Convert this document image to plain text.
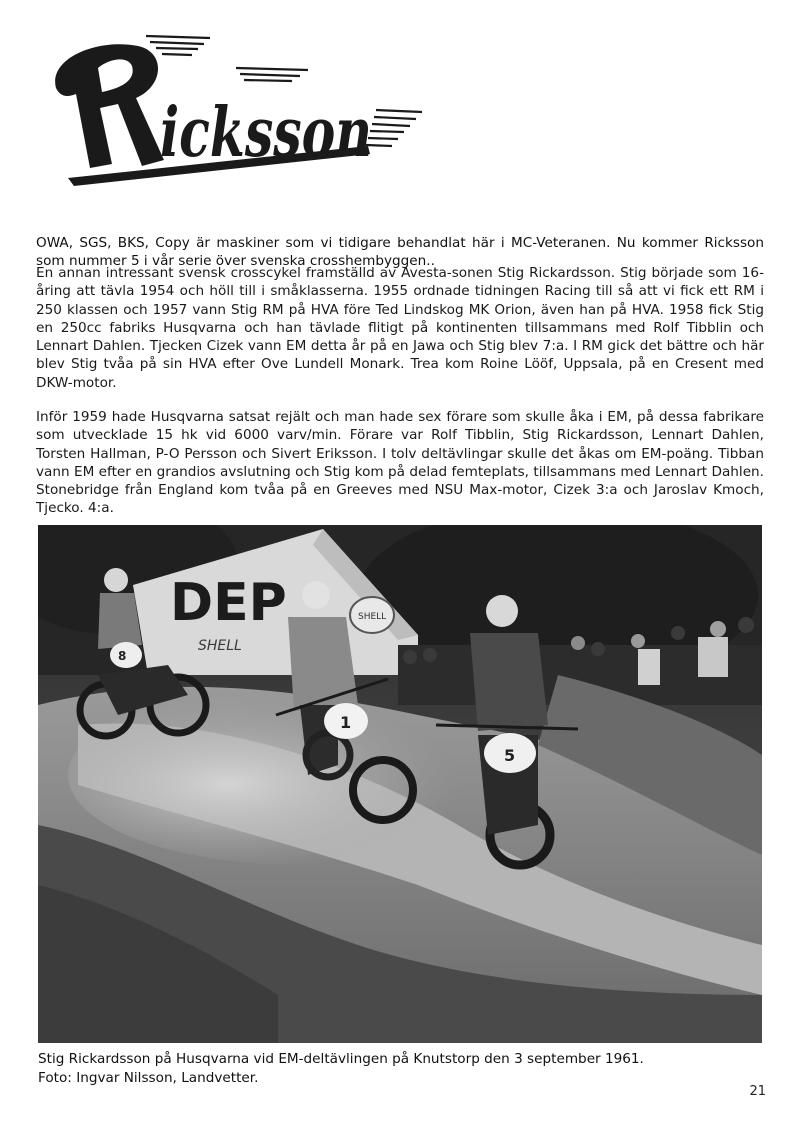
icksson

OWA, SGS, BKS, Copy är maskiner som vi tidigare behandlat här i MC-Veteranen. Nu kommer Ricksson som nummer 5 i vår serie över svenska crosshembyggen..

En annan intressant svensk crosscykel framställd av Avesta-sonen Stig Rickardsson. Stig började som 16-åring att tävla 1954 och höll till i småklasserna. 1955 ordnade tidningen Racing till så att vi fick ett RM i 250 klassen och 1957 vann Stig RM på HVA före Ted Lindskog MK Orion, även han på HVA. 1958 fick Stig en 250cc fabriks Husqvarna och han tävlade flitigt på kontinenten tillsammans med Rolf Tibblin och Lennart Dahlen. Tjecken Cizek vann EM detta år på en Jawa och Stig blev 7:a. I RM gick det bättre och här blev Stig tvåa på sin HVA efter Ove Lundell Monark. Trea kom Roine Lööf, Uppsala, på en Cresent med DKW-motor.

Inför 1959 hade Husqvarna satsat rejält och man hade sex förare som skulle åka i EM, på dessa fabrikare som utvecklade 15 hk vid 6000 varv/min. Förare var Rolf Tibblin, Stig Rickardsson, Lennart Dahlen, Torsten Hallman, P-O Persson och Sivert Eriksson. I tolv deltävlingar skulle det åkas om EM-poäng. Tibban vann EM efter en grandios avslutning och Stig kom på delad femteplats, tillsammans med Lennart Dahlen. Stonebridge från England kom tvåa på en Greeves med NSU Max-motor, Cizek 3:a och Jaroslav Kmoch, Tjecko. 4:a.

DEP
SHELL
SHELL
8
1
5
Stig Rickardsson på Husqvarna vid EM-deltävlingen på Knutstorp den 3 september 1961.
Foto: Ingvar Nilsson, Landvetter.
21
